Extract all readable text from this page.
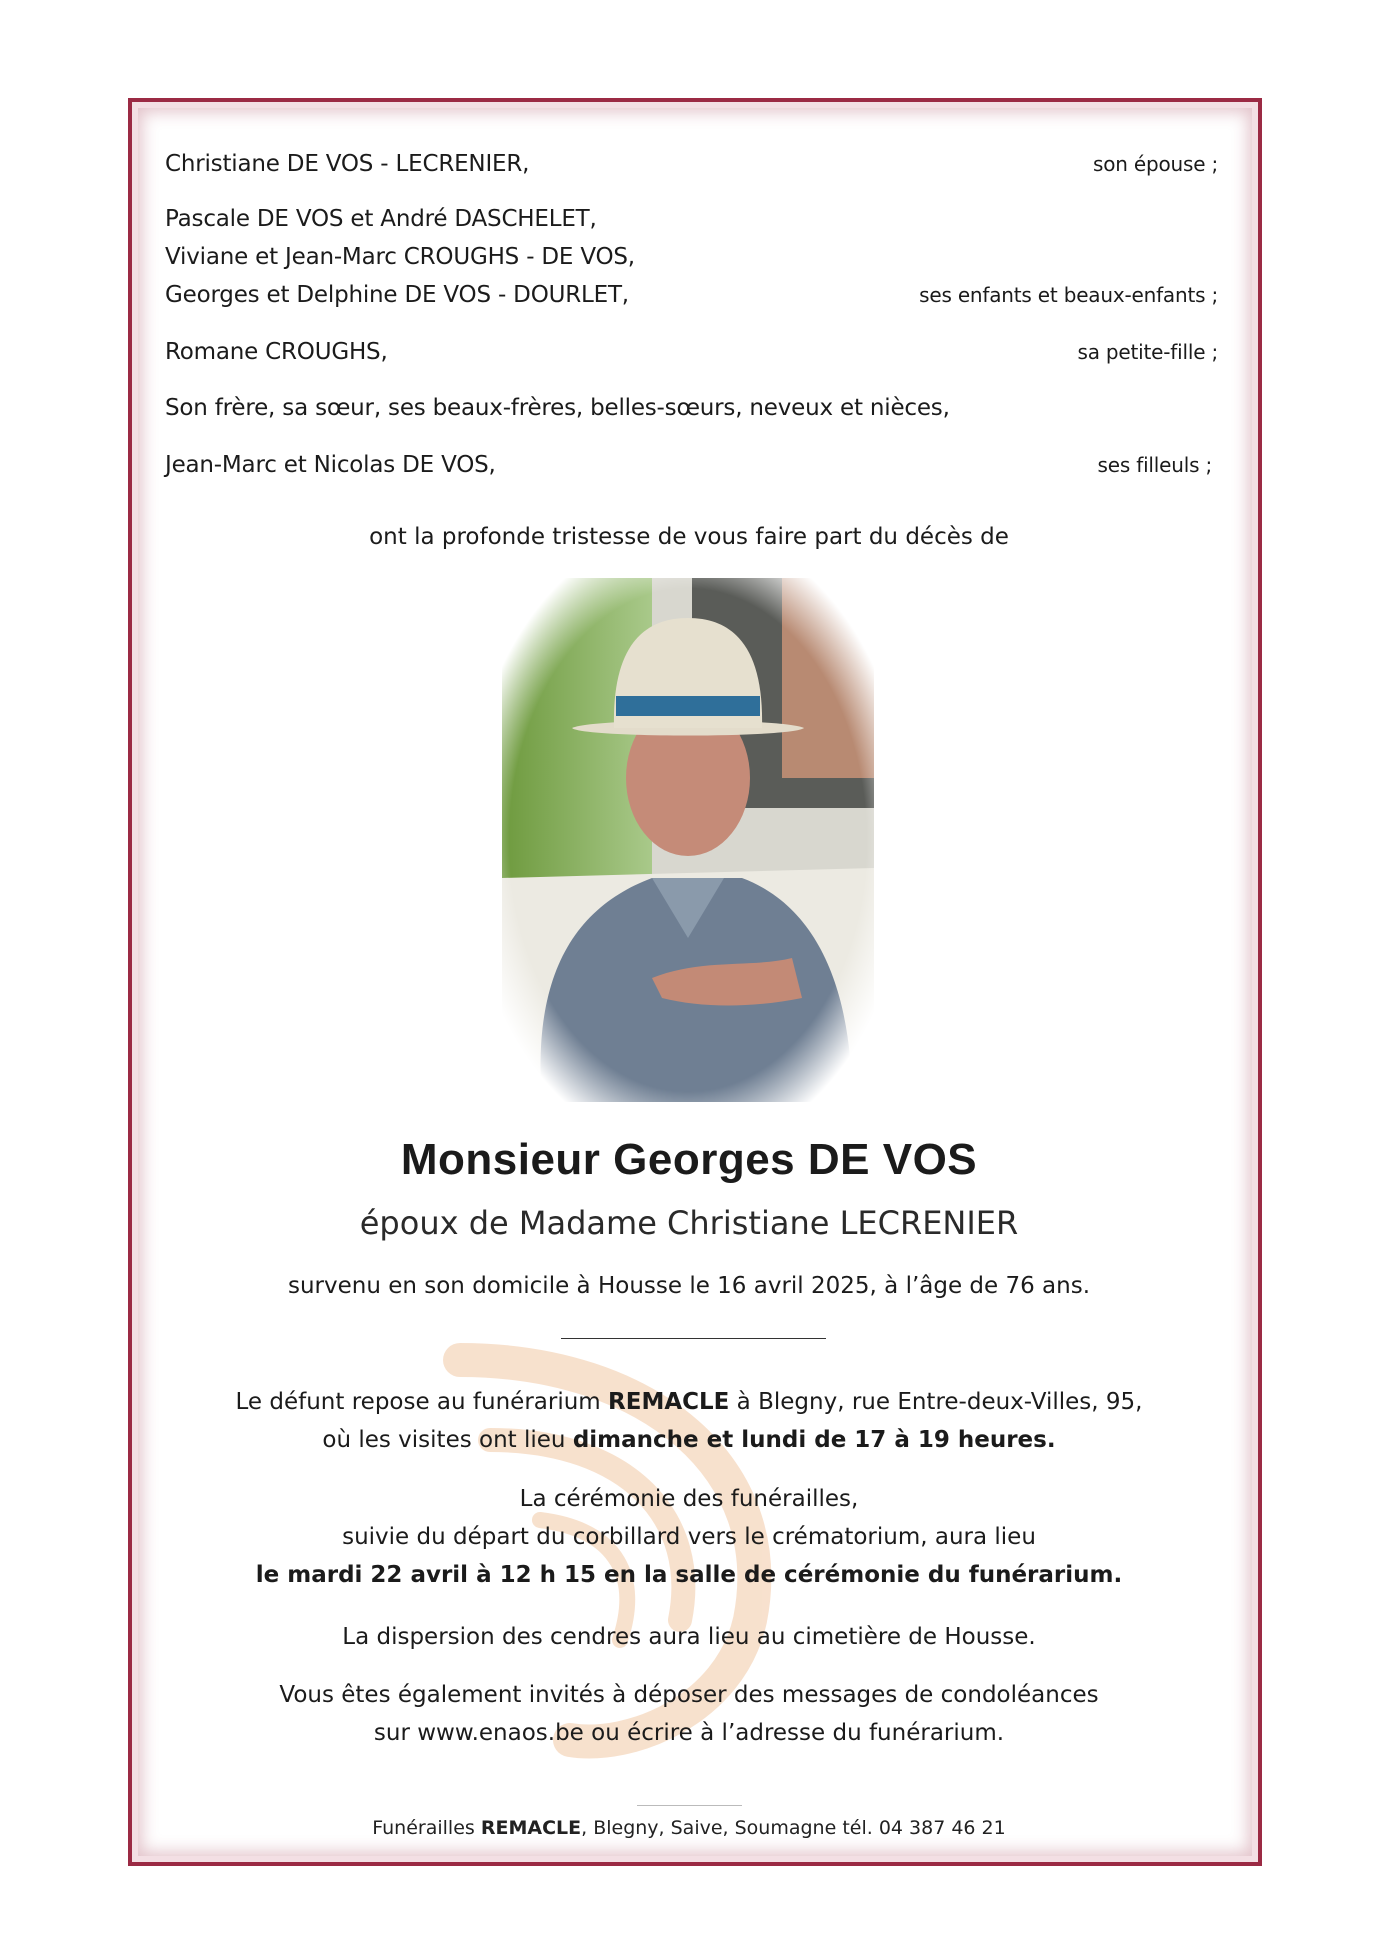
Christiane DE VOS - LECRENIER,	son épouse ;
Pascale DE VOS et André DASCHELET,
Viviane et Jean-Marc CROUGHS - DE VOS,
Georges et Delphine DE VOS - DOURLET,	ses enfants et beaux-enfants ;
Romane CROUGHS,	sa petite-fille ;
Son frère, sa sœur, ses beaux-frères, belles-sœurs, neveux et nièces,
Jean-Marc et Nicolas DE VOS,	ses filleuls ;
ont la profonde tristesse de vous faire part du décès de
Monsieur Georges DE VOS
époux de Madame Christiane LECRENIER
survenu en son domicile à Housse le 16 avril 2025, à l’âge de 76 ans.
Le défunt repose au funérarium REMACLE à Blegny, rue Entre-deux-Villes, 95,
où les visites ont lieu dimanche et lundi de 17 à 19 heures.
La cérémonie des funérailles,
suivie du départ du corbillard vers le crématorium, aura lieu
le mardi 22 avril à 12 h 15 en la salle de cérémonie du funérarium.
La dispersion des cendres aura lieu au cimetière de Housse.
Vous êtes également invités à déposer des messages de condoléances
sur www.enaos.be ou écrire à l’adresse du funérarium.
Funérailles REMACLE, Blegny, Saive, Soumagne tél. 04 387 46 21
